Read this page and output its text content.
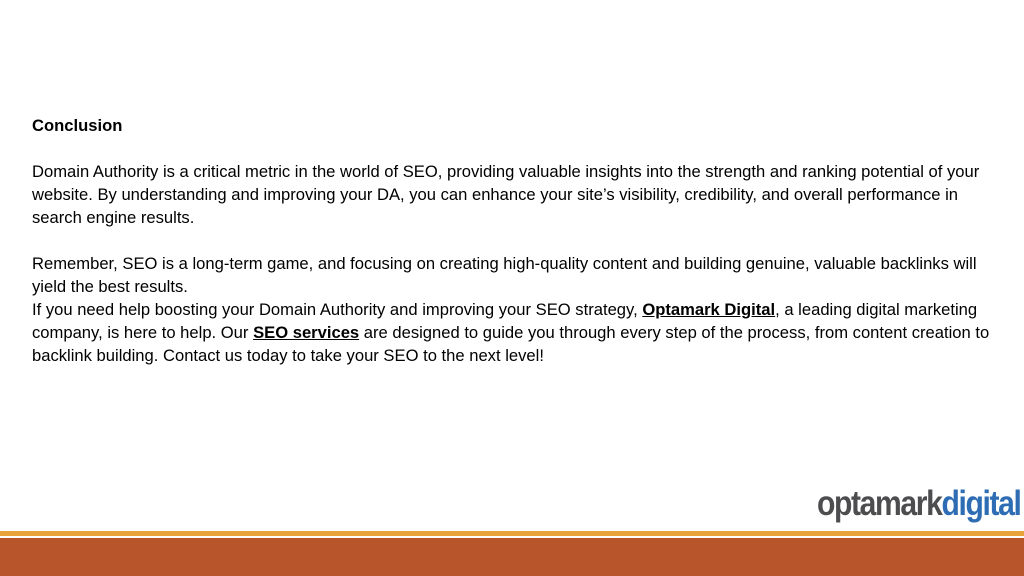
Conclusion

Domain Authority is a critical metric in the world of SEO, providing valuable insights into the strength and ranking potential of your website. By understanding and improving your DA, you can enhance your site’s visibility, credibility, and overall performance in search engine results.

Remember, SEO is a long-term game, and focusing on creating high-quality content and building genuine, valuable backlinks will yield the best results.

If you need help boosting your Domain Authority and improving your SEO strategy, Optamark Digital, a leading digital marketing company, is here to help. Our SEO services are designed to guide you through every step of the process, from content creation to backlink building. Contact us today to take your SEO to the next level!

optamark digital
